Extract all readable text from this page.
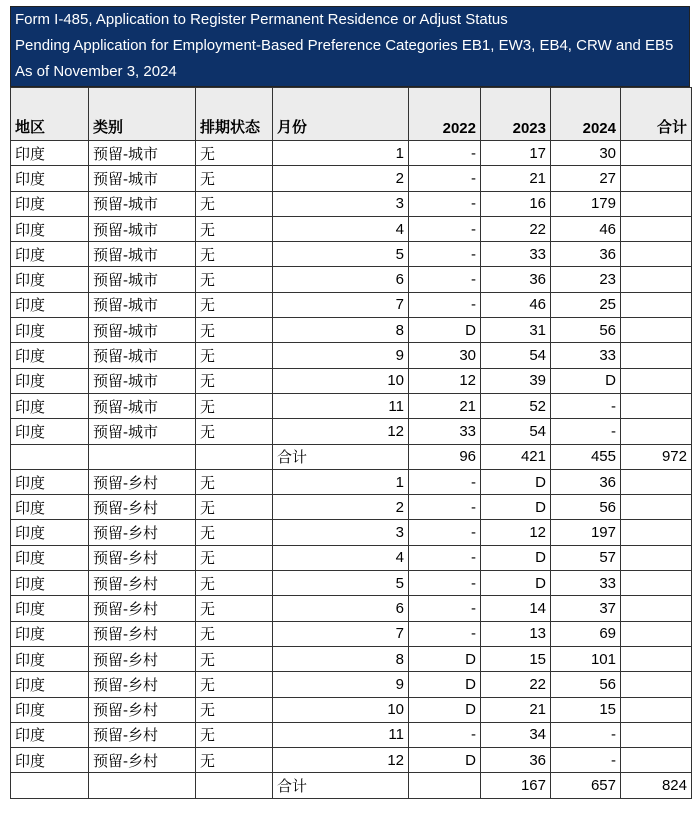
Form I-485, Application to Register Permanent Residence or Adjust Status
Pending Application for Employment-Based Preference Categories EB1, EW3, EB4, CRW and EB5
As of November 3, 2024
地区	类别	排期状态	月份	2022	2023	2024	合计
印度	预留-城市	无	1	-	17	30	
印度	预留-城市	无	2	-	21	27	
印度	预留-城市	无	3	-	16	179	
印度	预留-城市	无	4	-	22	46	
印度	预留-城市	无	5	-	33	36	
印度	预留-城市	无	6	-	36	23	
印度	预留-城市	无	7	-	46	25	
印度	预留-城市	无	8	D	31	56	
印度	预留-城市	无	9	30	54	33	
印度	预留-城市	无	10	12	39	D	
印度	预留-城市	无	11	21	52	-	
印度	预留-城市	无	12	33	54	-	
			合计	96	421	455	972
印度	预留-乡村	无	1	-	D	36	
印度	预留-乡村	无	2	-	D	56	
印度	预留-乡村	无	3	-	12	197	
印度	预留-乡村	无	4	-	D	57	
印度	预留-乡村	无	5	-	D	33	
印度	预留-乡村	无	6	-	14	37	
印度	预留-乡村	无	7	-	13	69	
印度	预留-乡村	无	8	D	15	101	
印度	预留-乡村	无	9	D	22	56	
印度	预留-乡村	无	10	D	21	15	
印度	预留-乡村	无	11	-	34	-	
印度	预留-乡村	无	12	D	36	-	
			合计		167	657	824
